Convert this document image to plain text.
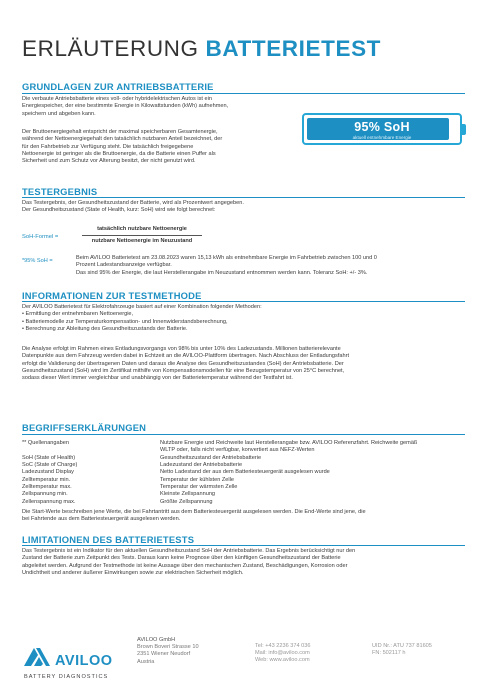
ERLÄUTERUNG BATTERIETEST
GRUNDLAGEN ZUR ANTRIEBSBATTERIE
Die verbaute Antriebsbatterie eines voll- oder hybridelektrischen Autos ist ein
Energiespeicher, der eine bestimmte Energie in Kilowattstunden (kWh) aufnehmen,
speichern und abgeben kann.
Der Bruttoenergiegehalt entspricht der maximal speicherbaren Gesamtenergie,
während der Nettoenergiegehalt den tatsächlich nutzbaren Anteil bezeichnet, der
für den Fahrbetrieb zur Verfügung steht. Die tatsächlich freigegebene
Nettoenergie ist geringer als die Bruttoenergie, da die Batterie einen Puffer als
Sicherheit und zum Schutz vor Alterung besitzt, der nicht genutzt wird.
95% SoH
aktuell entnehmbare Energie
TESTERGEBNIS
Das Testergebnis, der Gesundheitszustand der Batterie, wird als Prozentwert angegeben.
Der Gesundheitszustand (State of Health, kurz: SoH) wird wie folgt berechnet:
SoH-Formel =
tatsächlich nutzbare Nettoenergie
nutzbare Nettoenergie im Neuzustand
*95% SoH =	Beim AVILOO Batterietest am 23.08.2023 waren 15,13 kWh als entnehmbare Energie im Fahrbetrieb zwischen 100 und 0
Prozent Ladestandsanzeige verfügbar.
Das sind 95% der Energie, die laut Herstellerangabe im Neuzustand entnommen werden kann. Toleranz SoH: +/- 3%.
INFORMATIONEN ZUR TESTMETHODE
Der AVILOO Batterietest für Elektrofahrzeuge basiert auf einer Kombination folgender Methoden:
• Ermittlung der entnehmbaren Nettoenergie,
• Batteriemodelle zur Temperaturkompensation- und Innenwiderstandsberechnung,
• Berechnung zur Ableitung des Gesundheitszustands der Batterie.
Die Analyse erfolgt im Rahmen eines Entladungsvorgangs von 98% bis unter 10% des Ladezustands. Millionen batterierelevante
Datenpunkte aus dem Fahrzeug werden dabei in Echtzeit an die AVILOO-Plattform übertragen. Nach Abschluss der Entladungsfahrt
erfolgt die Validierung der übertragenen Daten und daraus die Analyse des Gesundheitszustandes (SoH) der Antriebsbatterie. Der
Gesundheitszustand (SoH) wird im Zertifikat mithilfe von Kompensationsmodellen für eine Bezugstemperatur von 25°C berechnet,
sodass dieser Wert immer vergleichbar und unabhängig von der Batterietemperatur während der Testfahrt ist.
BEGRIFFSERKLÄRUNGEN
** Quellenangaben	Nutzbare Energie und Reichweite laut Herstellerangabe bzw. AVILOO Referenzfahrt. Reichweite gemäß
WLTP oder, falls nicht verfügbar, konvertiert aus NEFZ-Werten
SoH (State of Health)	Gesundheitszustand der Antriebsbatterie
SoC (State of Charge)	Ladezustand der Antriebsbatterie
Ladezustand Display	Netto Ladestand der aus dem Batteriesteuergerät ausgelesen wurde
Zelltemperatur min.	Temperatur der kühlsten Zelle
Zelltemperatur max.	Temperatur der wärmsten Zelle
Zellspannung min.	Kleinste Zellspannung
Zellenspannung max.	Größte Zellspannung
Die Start-Werte beschreiben jene Werte, die bei Fahrtantritt aus dem Batteriesteuergerät ausgelesen werden. Die End-Werte sind jene, die
bei Fahrtende aus dem Batteriesteuergerät ausgelesen werden.
LIMITATIONEN DES BATTERIETESTS
Das Testergebnis ist ein Indikator für den aktuellen Gesundheitszustand SoH der Antriebsbatterie. Das Ergebnis berücksichtigt nur den
Zustand der Batterie zum Zeitpunkt des Tests. Daraus kann keine Prognose über den künftigen Gesundheitszustand der Batterie
abgeleitet werden. Aufgrund der Testmethode ist keine Aussage über den mechanischen Zustand, Beschädigungen, Korrosion oder
Undichtheit und anderer äußerer Einwirkungen sowie zur elektrischen Sicherheit möglich.
AVILOO
BATTERY DIAGNOSTICS
AVILOO GmbH
Brown Boveri Strasse 10
2351 Wiener Neudorf
Austria
Tel: +43 2236 374 036
Mail: info@aviloo.com
Web: www.aviloo.com
UID Nr.: ATU 737 81605
FN: 502117 h
